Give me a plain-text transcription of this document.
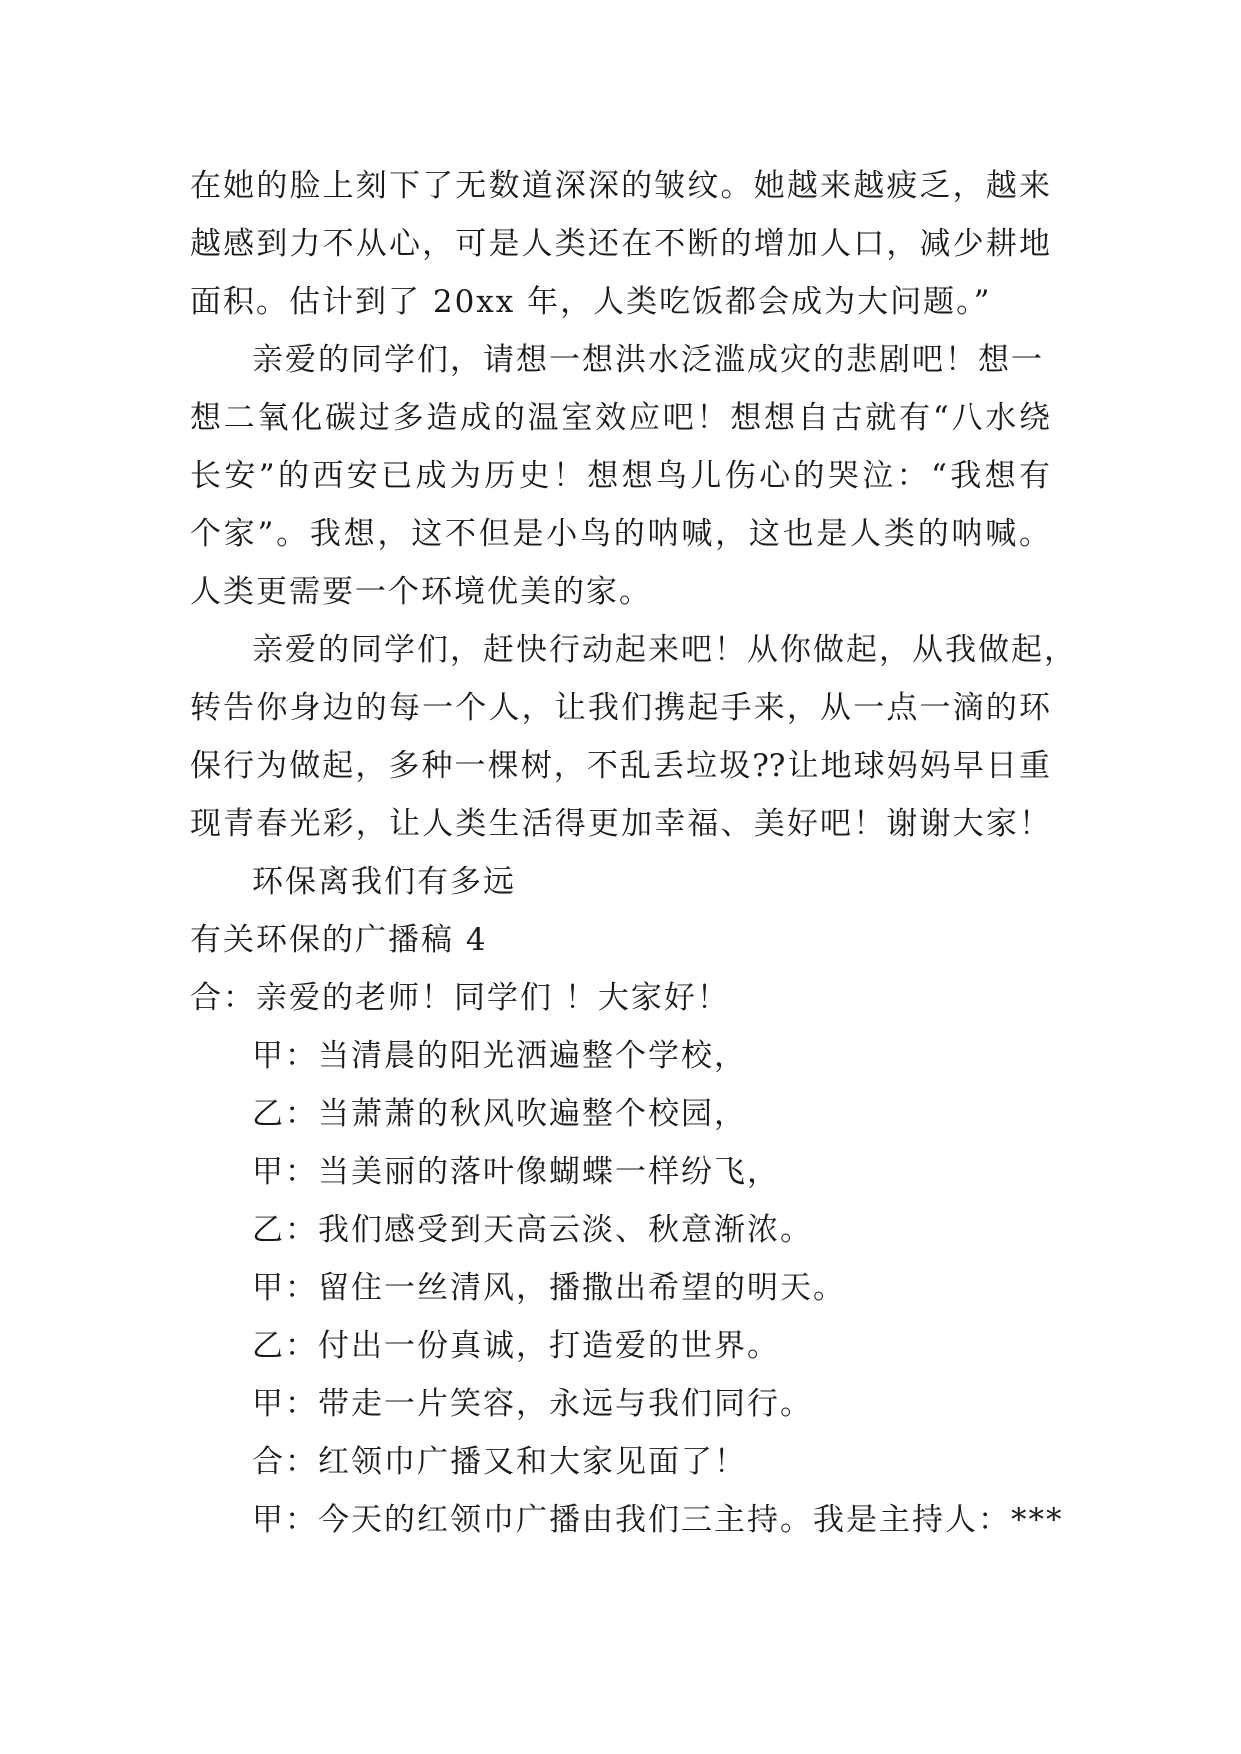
在她的脸上刻下了无数道深深的皱纹。她越来越疲乏，越来
越感到力不从心，可是人类还在不断的增加人口，减少耕地
面积。估计到了 20xx 年，人类吃饭都会成为大问题。”
亲爱的同学们，请想一想洪水泛滥成灾的悲剧吧！想一
想二氧化碳过多造成的温室效应吧！想想自古就有“八水绕
长安”的西安已成为历史！想想鸟儿伤心的哭泣：“我想有
个家”。我想，这不但是小鸟的呐喊，这也是人类的呐喊。
人类更需要一个环境优美的家。
亲爱的同学们，赶快行动起来吧！从你做起，从我做起，
转告你身边的每一个人，让我们携起手来，从一点一滴的环
保行为做起，多种一棵树，不乱丢垃圾??让地球妈妈早日重
现青春光彩，让人类生活得更加幸福、美好吧！谢谢大家！
环保离我们有多远
有关环保的广播稿 4
合：亲爱的老师！同学们 ！大家好！
甲：当清晨的阳光洒遍整个学校，
乙：当萧萧的秋风吹遍整个校园，
甲：当美丽的落叶像蝴蝶一样纷飞，
乙：我们感受到天高云淡、秋意渐浓。
甲：留住一丝清风，播撒出希望的明天。
乙：付出一份真诚，打造爱的世界。
甲：带走一片笑容，永远与我们同行。
合：红领巾广播又和大家见面了！
甲：今天的红领巾广播由我们三主持。我是主持人：***
